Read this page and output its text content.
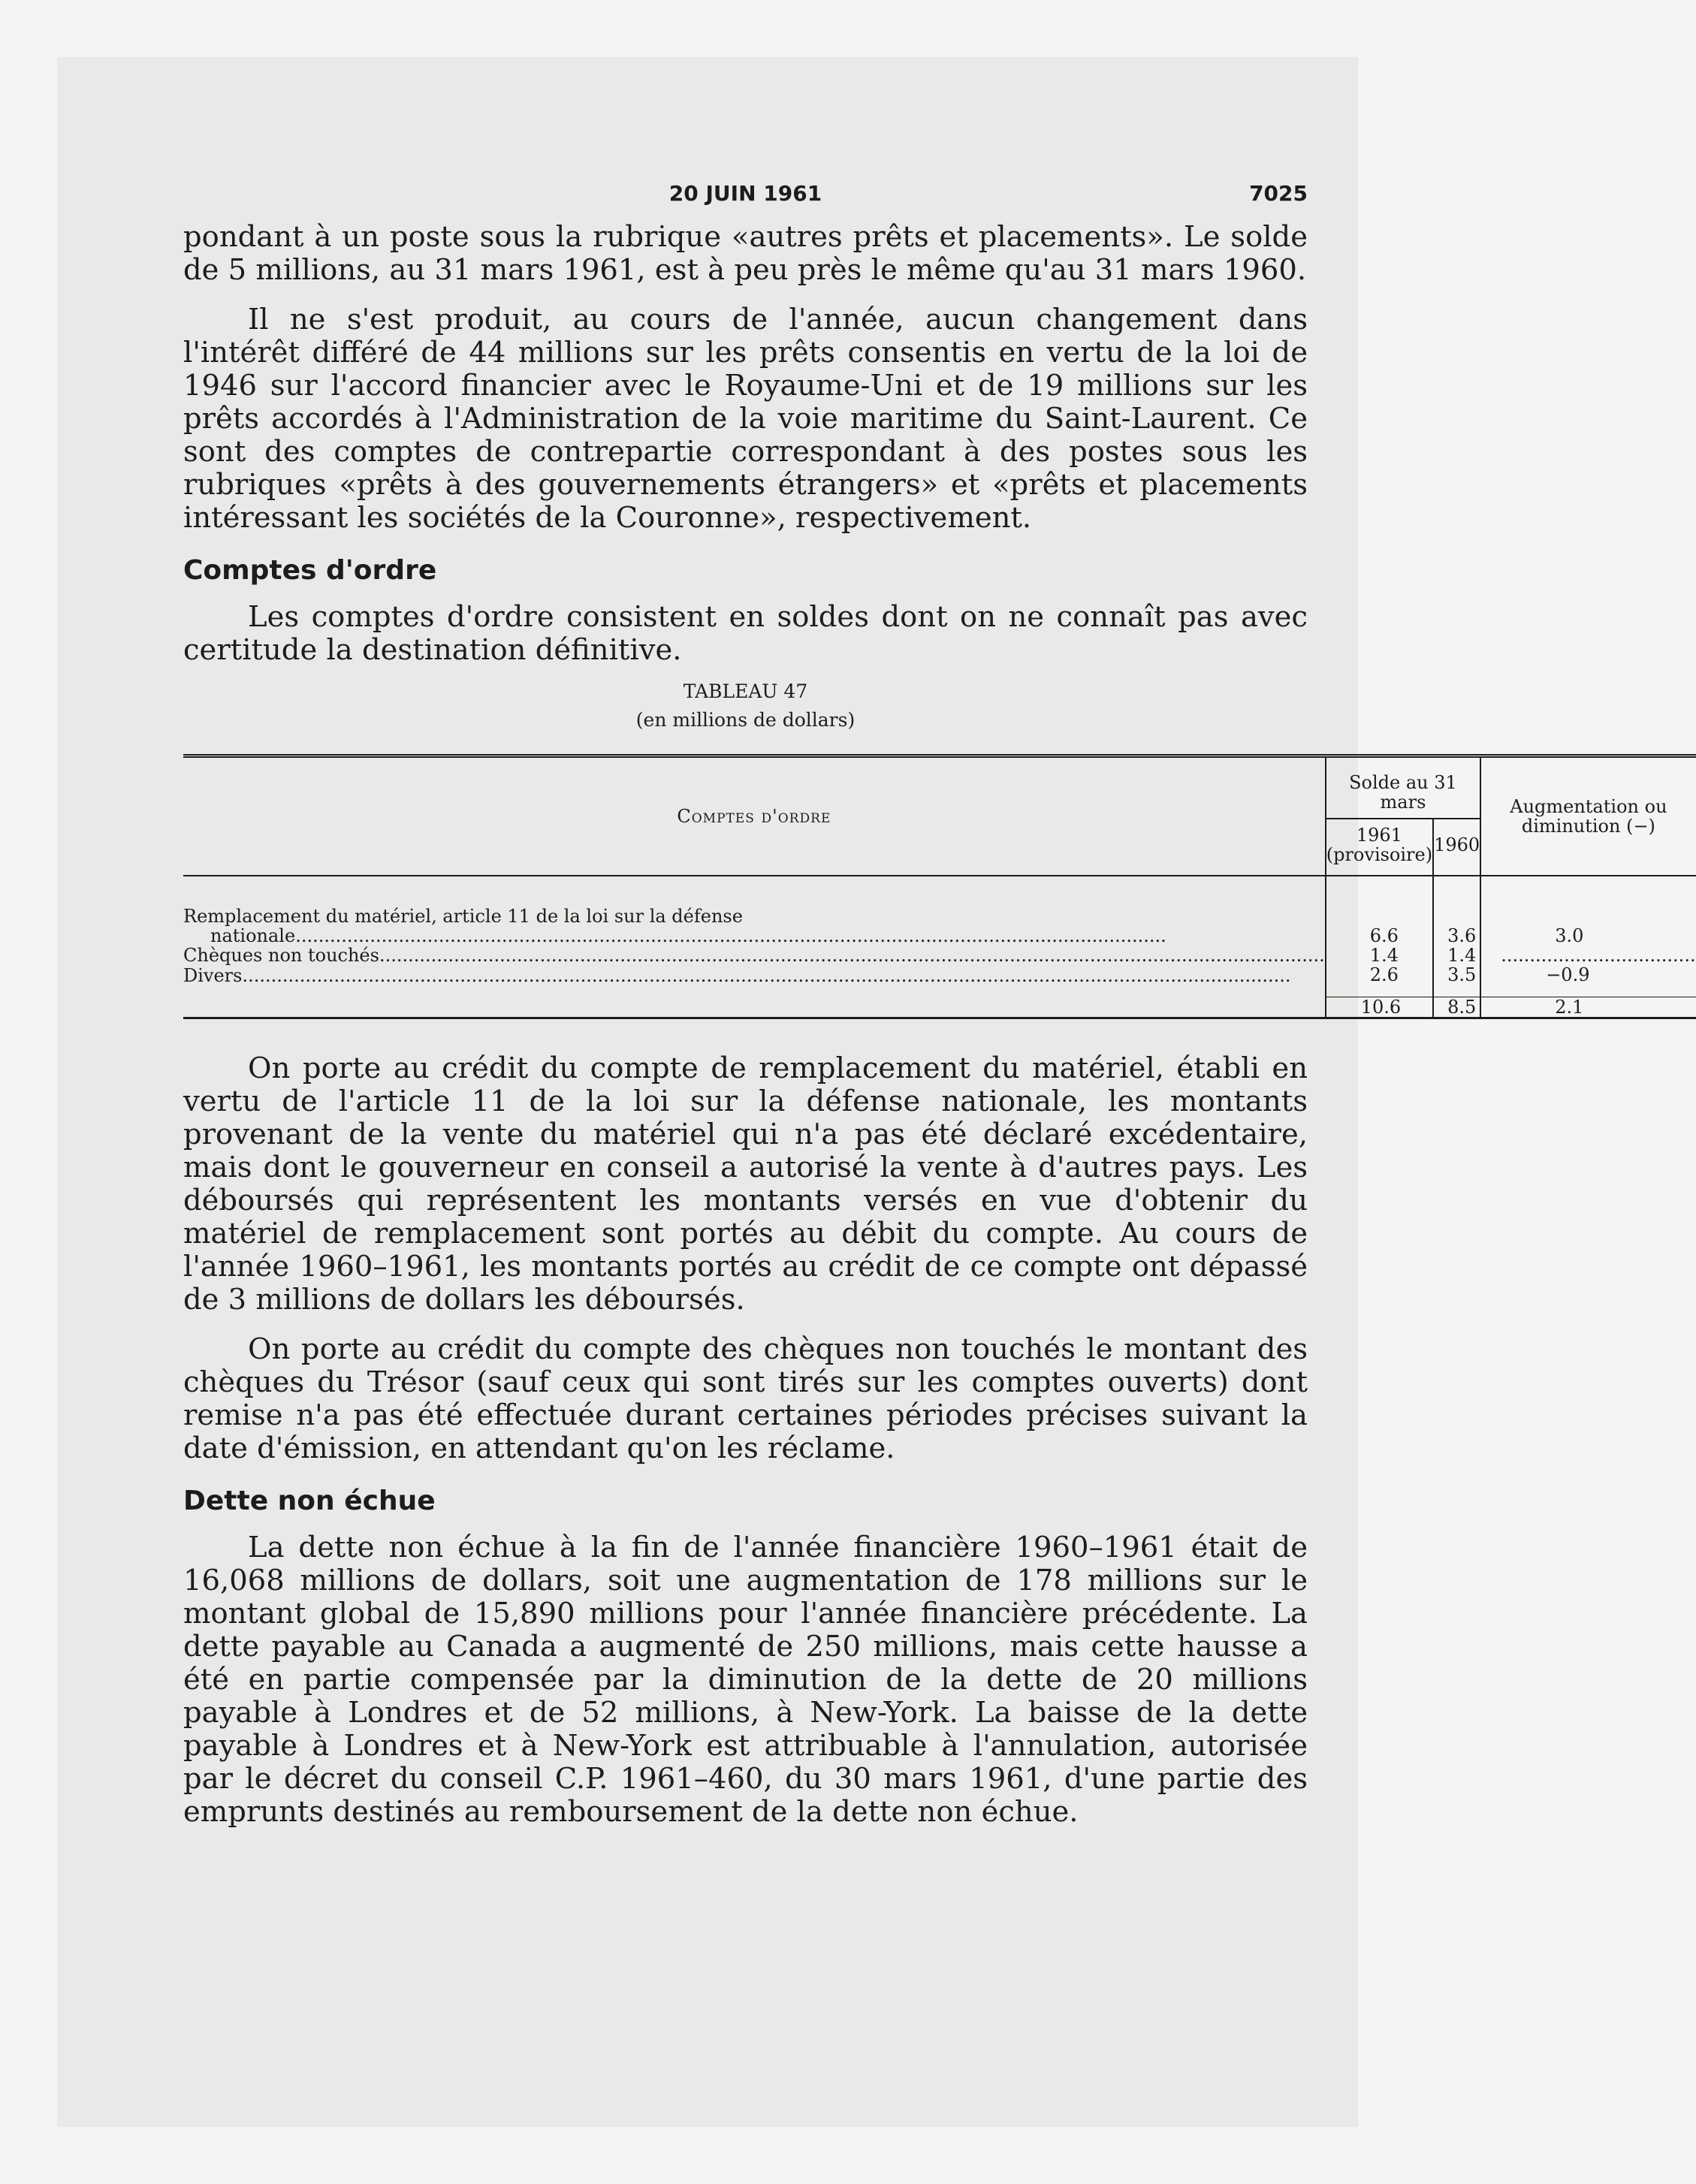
20 JUIN 1961	7025

pondant à un poste sous la rubrique «autres prêts et placements». Le solde de 5 millions, au 31 mars 1961, est à peu près le même qu'au 31 mars 1960.

Il ne s'est produit, au cours de l'année, aucun changement dans l'intérêt différé de 44 millions sur les prêts consentis en vertu de la loi de 1946 sur l'accord financier avec le Royaume-Uni et de 19 millions sur les prêts accordés à l'Administration de la voie maritime du Saint-Laurent. Ce sont des comptes de contrepartie correspondant à des postes sous les rubriques «prêts à des gouvernements étrangers» et «prêts et placements intéressant les sociétés de la Couronne», respectivement.

Comptes d'ordre

Les comptes d'ordre consistent en soldes dont on ne connaît pas avec certitude la destination définitive.

TABLEAU 47
(en millions de dollars)
Comptes d'ordre	Solde au 31 mars			Augmentation ou diminution (−)

	1961
(provisoire)		1960	

Remplacement du matériel, article 11 de la loi sur la défense
nationale........................................................................................................................................................	6.6		3.6	3.0
Chèques non touchés.....................................................................................................................................................................	1.4		1.4	..................................
Divers.......................................................................................................................................................................................	2.6		3.5	−0.9
	10.6		8.5	2.1

On porte au crédit du compte de remplacement du matériel, établi en vertu de l'article 11 de la loi sur la défense nationale, les montants provenant de la vente du matériel qui n'a pas été déclaré excédentaire, mais dont le gouverneur en conseil a autorisé la vente à d'autres pays. Les déboursés qui représentent les montants versés en vue d'obtenir du matériel de remplacement sont portés au débit du compte. Au cours de l'année 1960–1961, les montants portés au crédit de ce compte ont dépassé de 3 millions de dollars les déboursés.

On porte au crédit du compte des chèques non touchés le montant des chèques du Trésor (sauf ceux qui sont tirés sur les comptes ouverts) dont remise n'a pas été effectuée durant certaines périodes précises suivant la date d'émission, en attendant qu'on les réclame.

Dette non échue

La dette non échue à la fin de l'année financière 1960–1961 était de 16,068 millions de dollars, soit une augmentation de 178 millions sur le montant global de 15,890 millions pour l'année financière précédente. La dette payable au Canada a augmenté de 250 millions, mais cette hausse a été en partie compensée par la diminution de la dette de 20 millions payable à Londres et de 52 millions, à New-York. La baisse de la dette payable à Londres et à New-York est attribuable à l'annulation, autorisée par le décret du conseil C.P. 1961–460, du 30 mars 1961, d'une partie des emprunts destinés au remboursement de la dette non échue.
